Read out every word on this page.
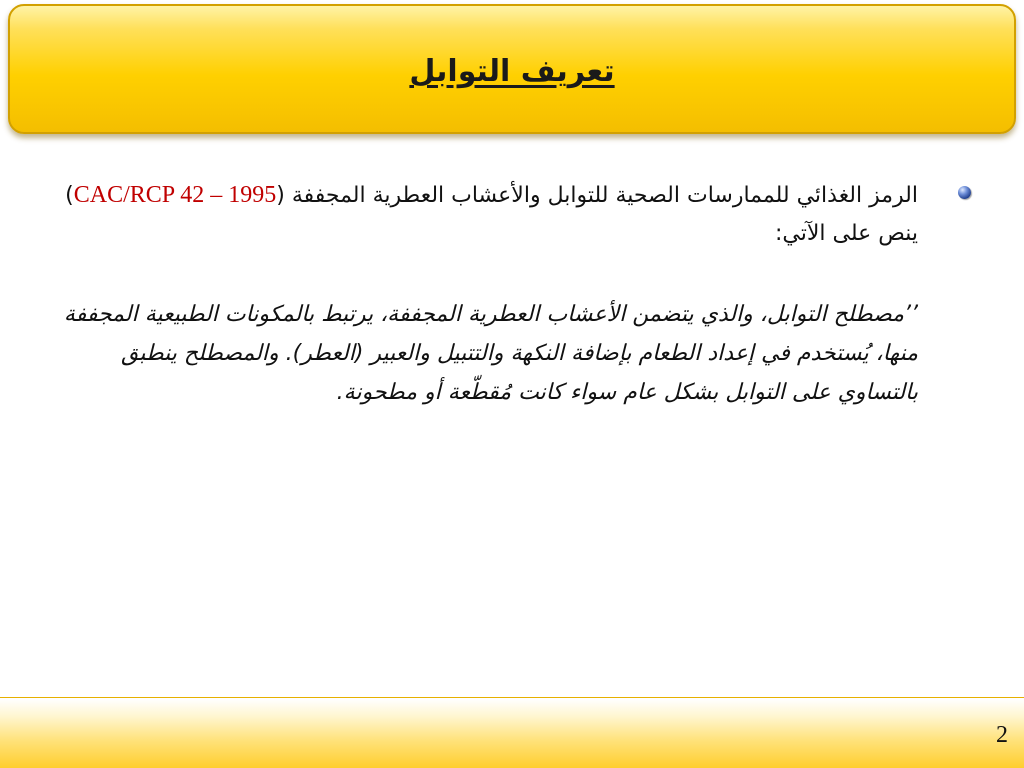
تعريف التوابل

الرمز الغذائي للممارسات الصحية للتوابل والأعشاب العطرية المجففة (CAC/RCP 42 – 1995) ينص على الآتي:

’’مصطلح التوابل، والذي يتضمن الأعشاب العطرية المجففة، يرتبط بالمكونات الطبيعية المجففة منها، يُستخدم في إعداد الطعام بإضافة النكهة والتتبيل والعبير (العطر). والمصطلح ينطبق بالتساوي على التوابل بشكل عام سواء كانت مُقطّعة أو مطحونة.

2
